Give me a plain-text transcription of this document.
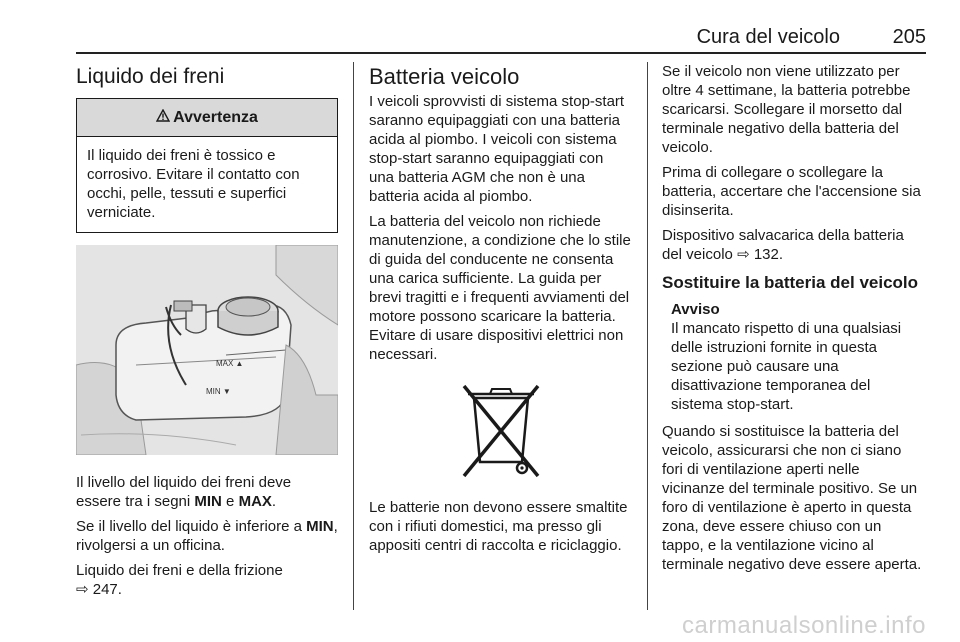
Cura del veicolo	205
Liquido dei freni
Avvertenza
Il liquido dei freni è tossico e corrosivo. Evitare il contatto con occhi, pelle, tessuti e superfici verniciate.
MAX ▲
MIN ▼
Il livello del liquido dei freni deve essere tra i segni MIN e MAX.
Se il livello del liquido è inferiore a MIN, rivolgersi a un officina.
Liquido dei freni e della frizione
⇨ 247.
Batteria veicolo
I veicoli sprovvisti di sistema stop-start saranno equipaggiati con una batteria acida al piombo. I veicoli con sistema stop-start saranno equipaggiati con una batteria AGM che non è una batteria acida al piombo.
La batteria del veicolo non richiede manutenzione, a condizione che lo stile di guida del conducente ne consenta una carica sufficiente. La guida per brevi tragitti e i frequenti avviamenti del motore possono scaricare la batteria. Evitare di usare dispositivi elettrici non necessari.
Le batterie non devono essere smaltite con i rifiuti domestici, ma presso gli appositi centri di raccolta e riciclaggio.
Se il veicolo non viene utilizzato per oltre 4 settimane, la batteria potrebbe scaricarsi. Scollegare il morsetto dal terminale negativo della batteria del veicolo.
Prima di collegare o scollegare la batteria, accertare che l'accensione sia disinserita.
Dispositivo salvacarica della batteria del veicolo ⇨ 132.
Sostituire la batteria del veicolo
Avviso
Il mancato rispetto di una qualsiasi delle istruzioni fornite in questa sezione può causare una disattivazione temporanea del sistema stop-start.
Quando si sostituisce la batteria del veicolo, assicurarsi che non ci siano fori di ventilazione aperti nelle vicinanze del terminale positivo. Se un foro di ventilazione è aperto in questa zona, deve essere chiuso con un tappo, e la ventilazione vicino al terminale negativo deve essere aperta.
carmanualsonline.info
